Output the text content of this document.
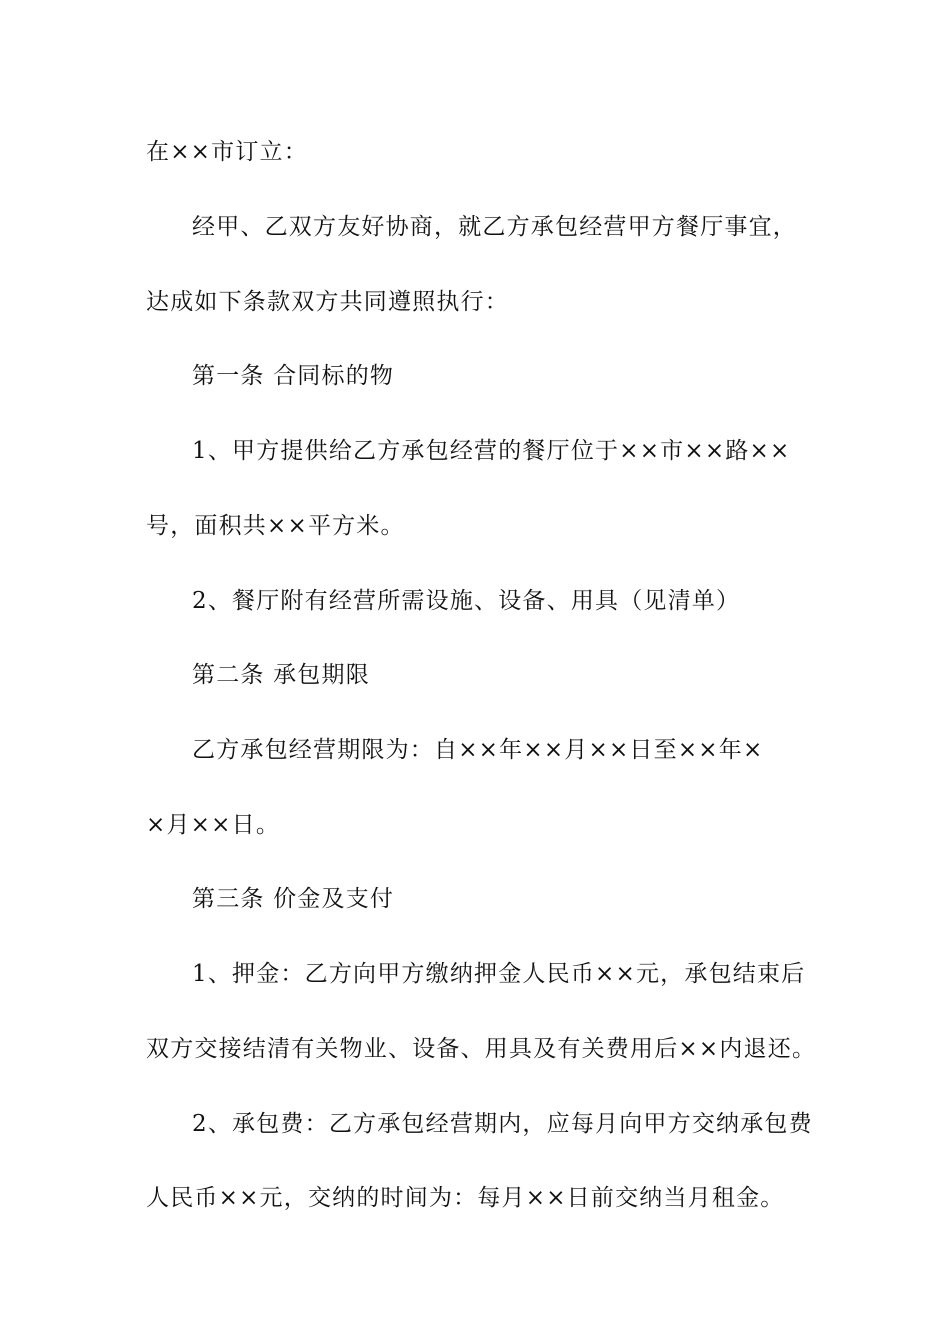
在××市订立：
经甲、乙双方友好协商，就乙方承包经营甲方餐厅事宜，
达成如下条款双方共同遵照执行：
第一条 合同标的物
1、甲方提供给乙方承包经营的餐厅位于××市××路××
号，面积共××平方米。
2、餐厅附有经营所需设施、设备、用具（见清单）
第二条 承包期限
乙方承包经营期限为：自××年××月××日至××年×
×月××日。
第三条 价金及支付
1、押金：乙方向甲方缴纳押金人民币××元，承包结束后
双方交接结清有关物业、设备、用具及有关费用后××内退还。
2、承包费：乙方承包经营期内，应每月向甲方交纳承包费
人民币××元，交纳的时间为：每月××日前交纳当月租金。
